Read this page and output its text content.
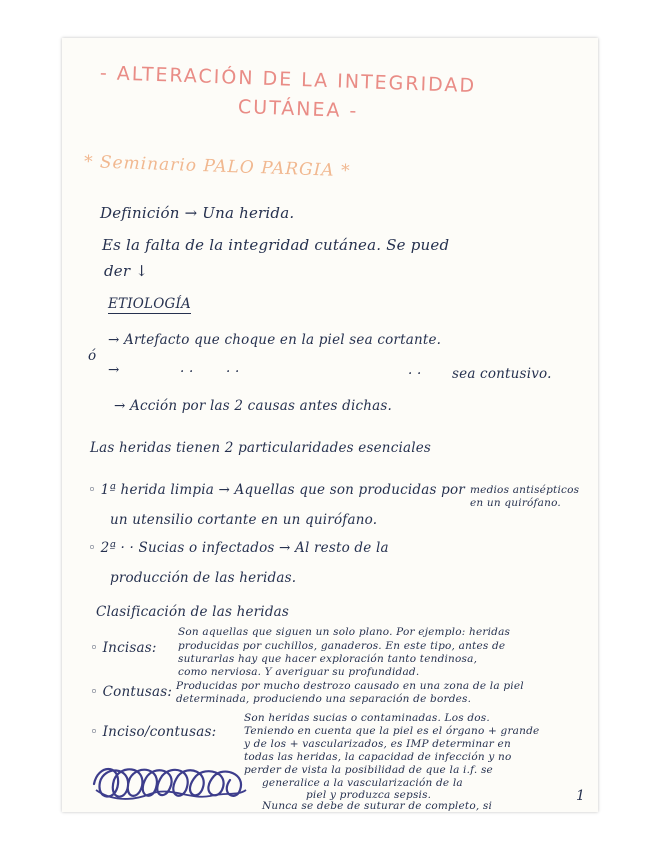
- ALTERACIÓN DE LA INTEGRIDAD
CUTÁNEA -
* Seminario PALO PARGIA *
Definición → Una herida.
Es la falta de la integridad cutánea. Se pued
der ↓
ETIOLOGÍA
ó
→ Artefacto que choque en la piel sea cortante.
→	· · · ·	· · sea contusivo.
→ Acción por las 2 causas antes dichas.
Las heridas tienen 2 particularidades esenciales
◦ 1ª herida limpia → Aquellas que son producidas por medios antisépticos en un quirófano.
un utensilio cortante en un quirófano.
◦ 2ª · · Sucias o infectados → Al resto de la
producción de las heridas.
Clasificación de las heridas
◦ Incisas:
Son aquellas que siguen un solo plano. Por ejemplo: heridas
producidas por cuchillos, ganaderos. En este tipo, antes de
suturarlas hay que hacer exploración tanto tendinosa,
como nerviosa. Y averiguar su profundidad.
◦ Contusas: Producidas por mucho destrozo causado en una zona de la piel
determinada, produciendo una separación de bordes.
◦ Inciso/contusas:
Son heridas sucias o contaminadas. Los dos.
Teniendo en cuenta que la piel es el órgano + grande
y de los + vascularizados, es IMP determinar en
todas las heridas, la capacidad de infección y no
perder de vista la posibilidad de que la i.f. se
generalice a la vascularización de la
piel y produzca sepsis.
Nunca se debe de suturar de completo, si
1
